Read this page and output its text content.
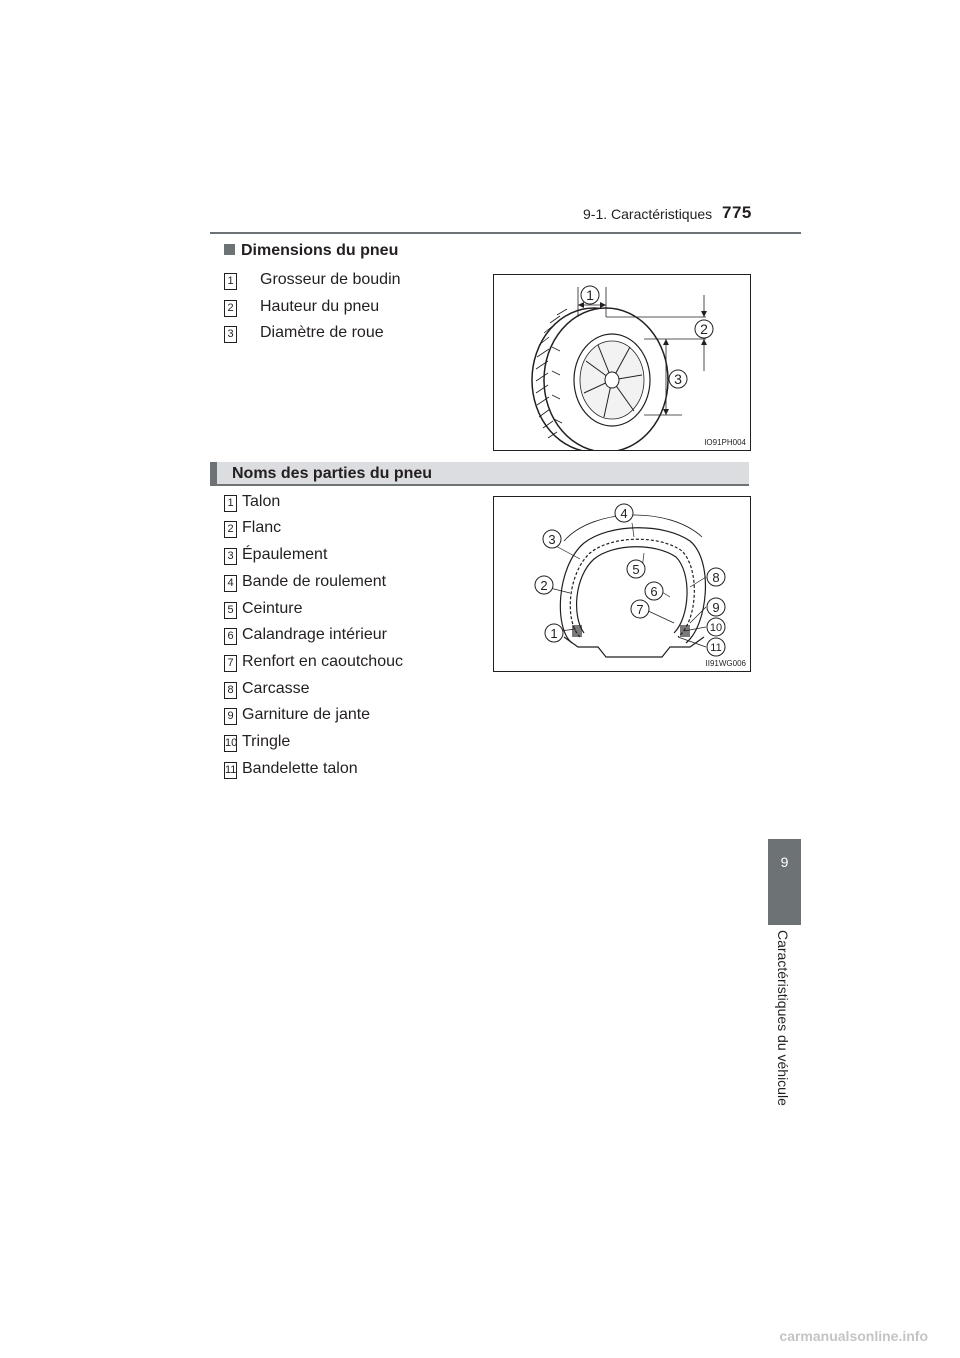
9-1. Caractéristiques 775
9
Caractéristiques du véhicule
Dimensions du pneu
1 Grosseur de boudin
2 Hauteur du pneu
3 Diamètre de roue
1
2
3
IO91PH004
Noms des parties du pneu
1 Talon
2 Flanc
3 Épaulement
4 Bande de roulement
5 Ceinture
6 Calandrage intérieur
7 Renfort en caoutchouc
8 Carcasse
9 Garniture de jante
10 Tringle
11 Bandelette talon
1
2
3
4
5
6
7
8
9
10
11
II91WG006
carmanualsonline.info
